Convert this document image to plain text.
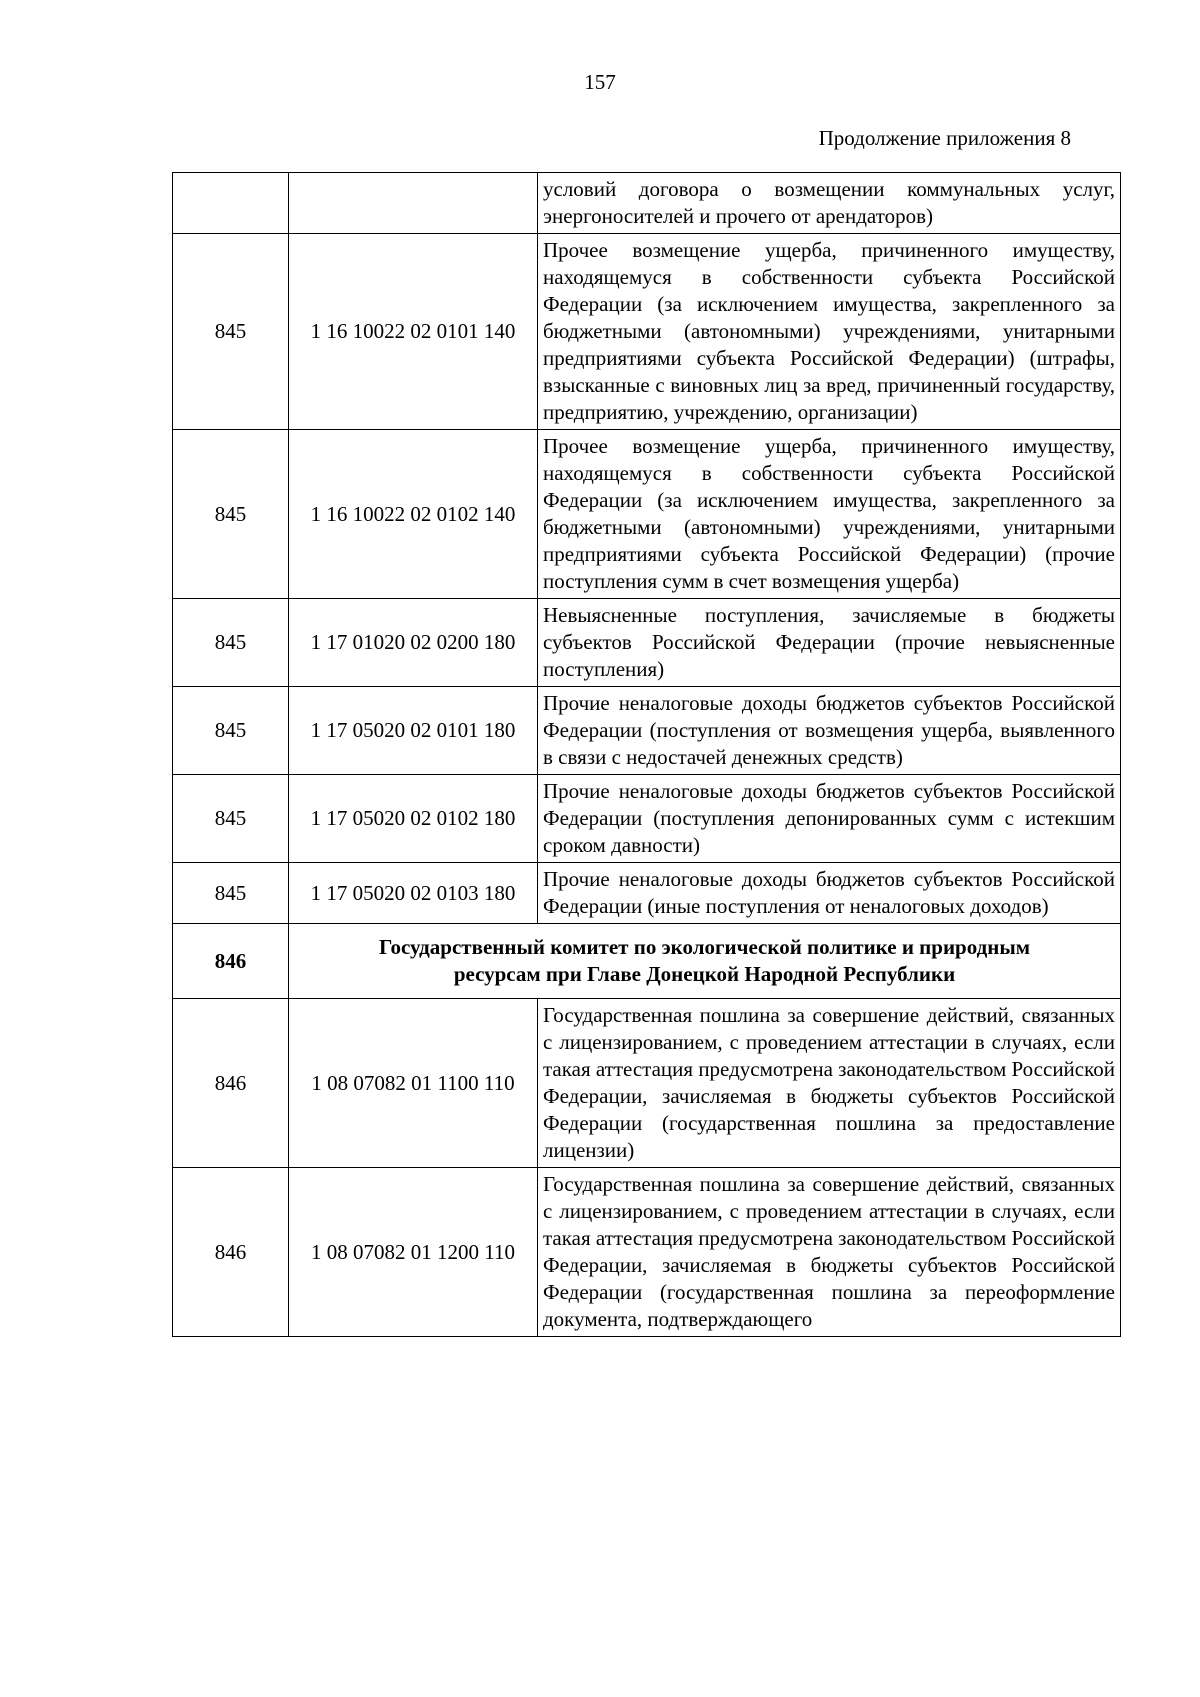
157
Продолжение приложения 8
		условий договора о возмещении коммунальных услуг, энергоносителей и прочего от арендаторов)
845	1 16 10022 02 0101 140	Прочее возмещение ущерба, причиненного имуществу, находящемуся в собственности субъекта Российской Федерации (за исключением имущества, закрепленного за бюджетными (автономными) учреждениями, унитарными предприятиями субъекта Российской Федерации) (штрафы, взысканные с виновных лиц за вред, причиненный государству, предприятию, учреждению, организации)
845	1 16 10022 02 0102 140	Прочее возмещение ущерба, причиненного имуществу, находящемуся в собственности субъекта Российской Федерации (за исключением имущества, закрепленного за бюджетными (автономными) учреждениями, унитарными предприятиями субъекта Российской Федерации) (прочие поступления сумм в счет возмещения ущерба)
845	1 17 01020 02 0200 180	Невыясненные поступления, зачисляемые в бюджеты субъектов Российской Федерации (прочие невыясненные поступления)
845	1 17 05020 02 0101 180	Прочие неналоговые доходы бюджетов субъектов Российской Федерации (поступления от возмещения ущерба, выявленного в связи с недостачей денежных средств)
845	1 17 05020 02 0102 180	Прочие неналоговые доходы бюджетов субъектов Российской Федерации (поступления депонированных сумм с истекшим сроком давности)
845	1 17 05020 02 0103 180	Прочие неналоговые доходы бюджетов субъектов Российской Федерации (иные поступления от неналоговых доходов)
846	Государственный комитет по экологической политике и природным
ресурсам при Главе Донецкой Народной Республики	
846	1 08 07082 01 1100 110	Государственная пошлина за совершение действий, связанных с лицензированием, с проведением аттестации в случаях, если такая аттестация предусмотрена законодательством Российской Федерации, зачисляемая в бюджеты субъектов Российской Федерации (государственная пошлина за предоставление лицензии)
846	1 08 07082 01 1200 110	Государственная пошлина за совершение действий, связанных с лицензированием, с проведением аттестации в случаях, если такая аттестация предусмотрена законодательством Российской Федерации, зачисляемая в бюджеты субъектов Российской Федерации (государственная пошлина за переоформление документа, подтверждающего
